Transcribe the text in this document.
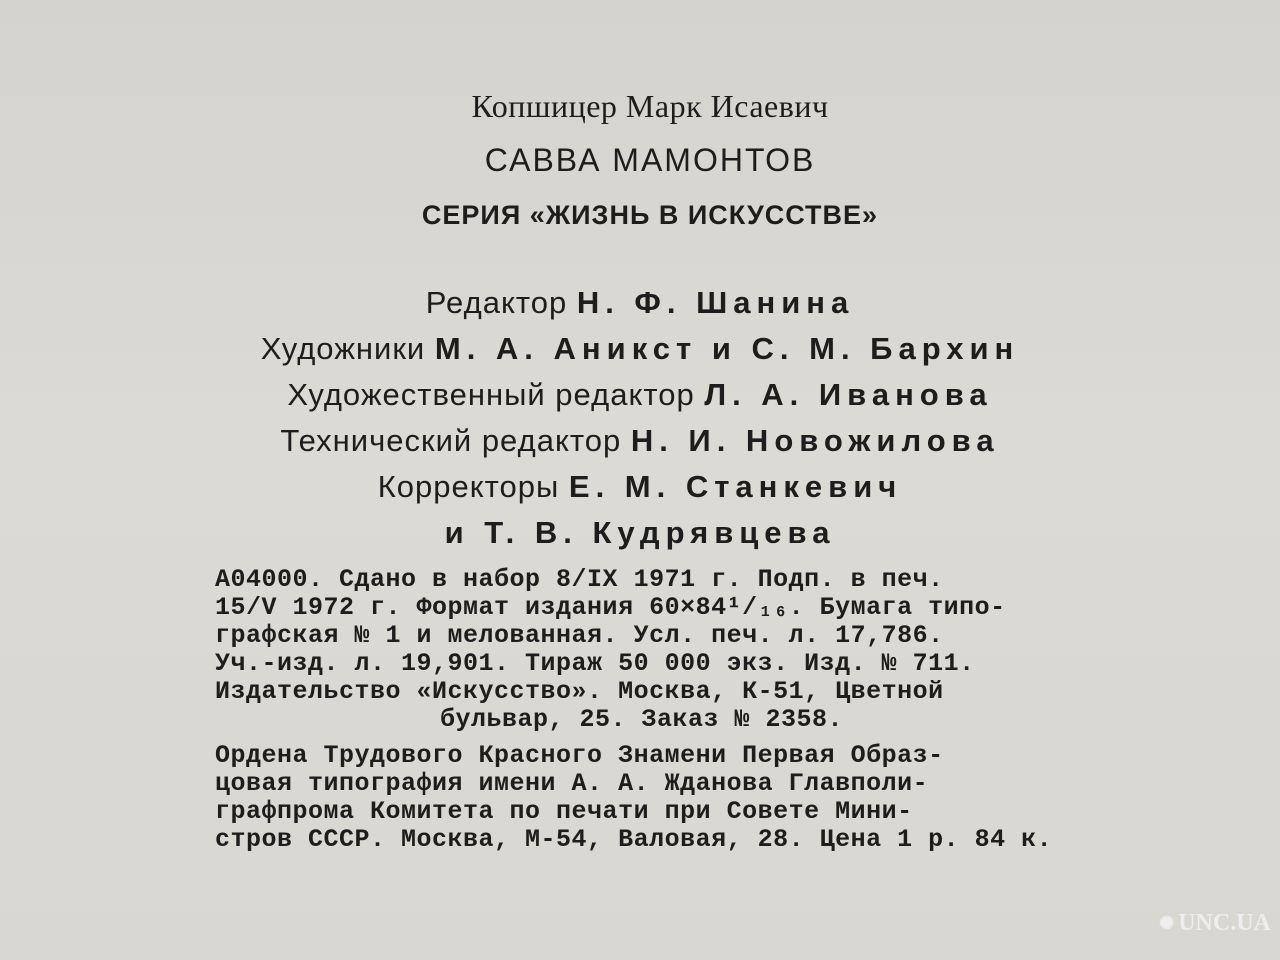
Копшицер Марк Исаевич
САВВА МАМОНТОВ
СЕРИЯ «ЖИЗНЬ В ИСКУССТВЕ»
Редактор Н. Ф. Шанина
Художники М. А. Аникст и С. М. Бархин
Художественный редактор Л. А. Иванова
Технический редактор Н. И. Новожилова
Корректоры Е. М. Станкевич
и Т. В. Кудрявцева
A04000. Сдано в набор 8/IX 1971 г. Подп. в печ.
15/V 1972 г. Формат издания 60×84¹/₁₆. Бумага типо-
графская № 1 и мелованная. Усл. печ. л. 17,786.
Уч.-изд. л. 19,901. Тираж 50 000 экз. Изд. № 711.
Издательство «Искусство». Москва, К-51, Цветной
бульвар, 25. Заказ № 2358.
Ордена Трудового Красного Знамени Первая Образ-
цовая типография имени А. А. Жданова Главполи-
графпрома Комитета по печати при Совете Мини-
стров СССР. Москва, М-54, Валовая, 28. Цена 1 р. 84 к.
✺ UNC.UA
